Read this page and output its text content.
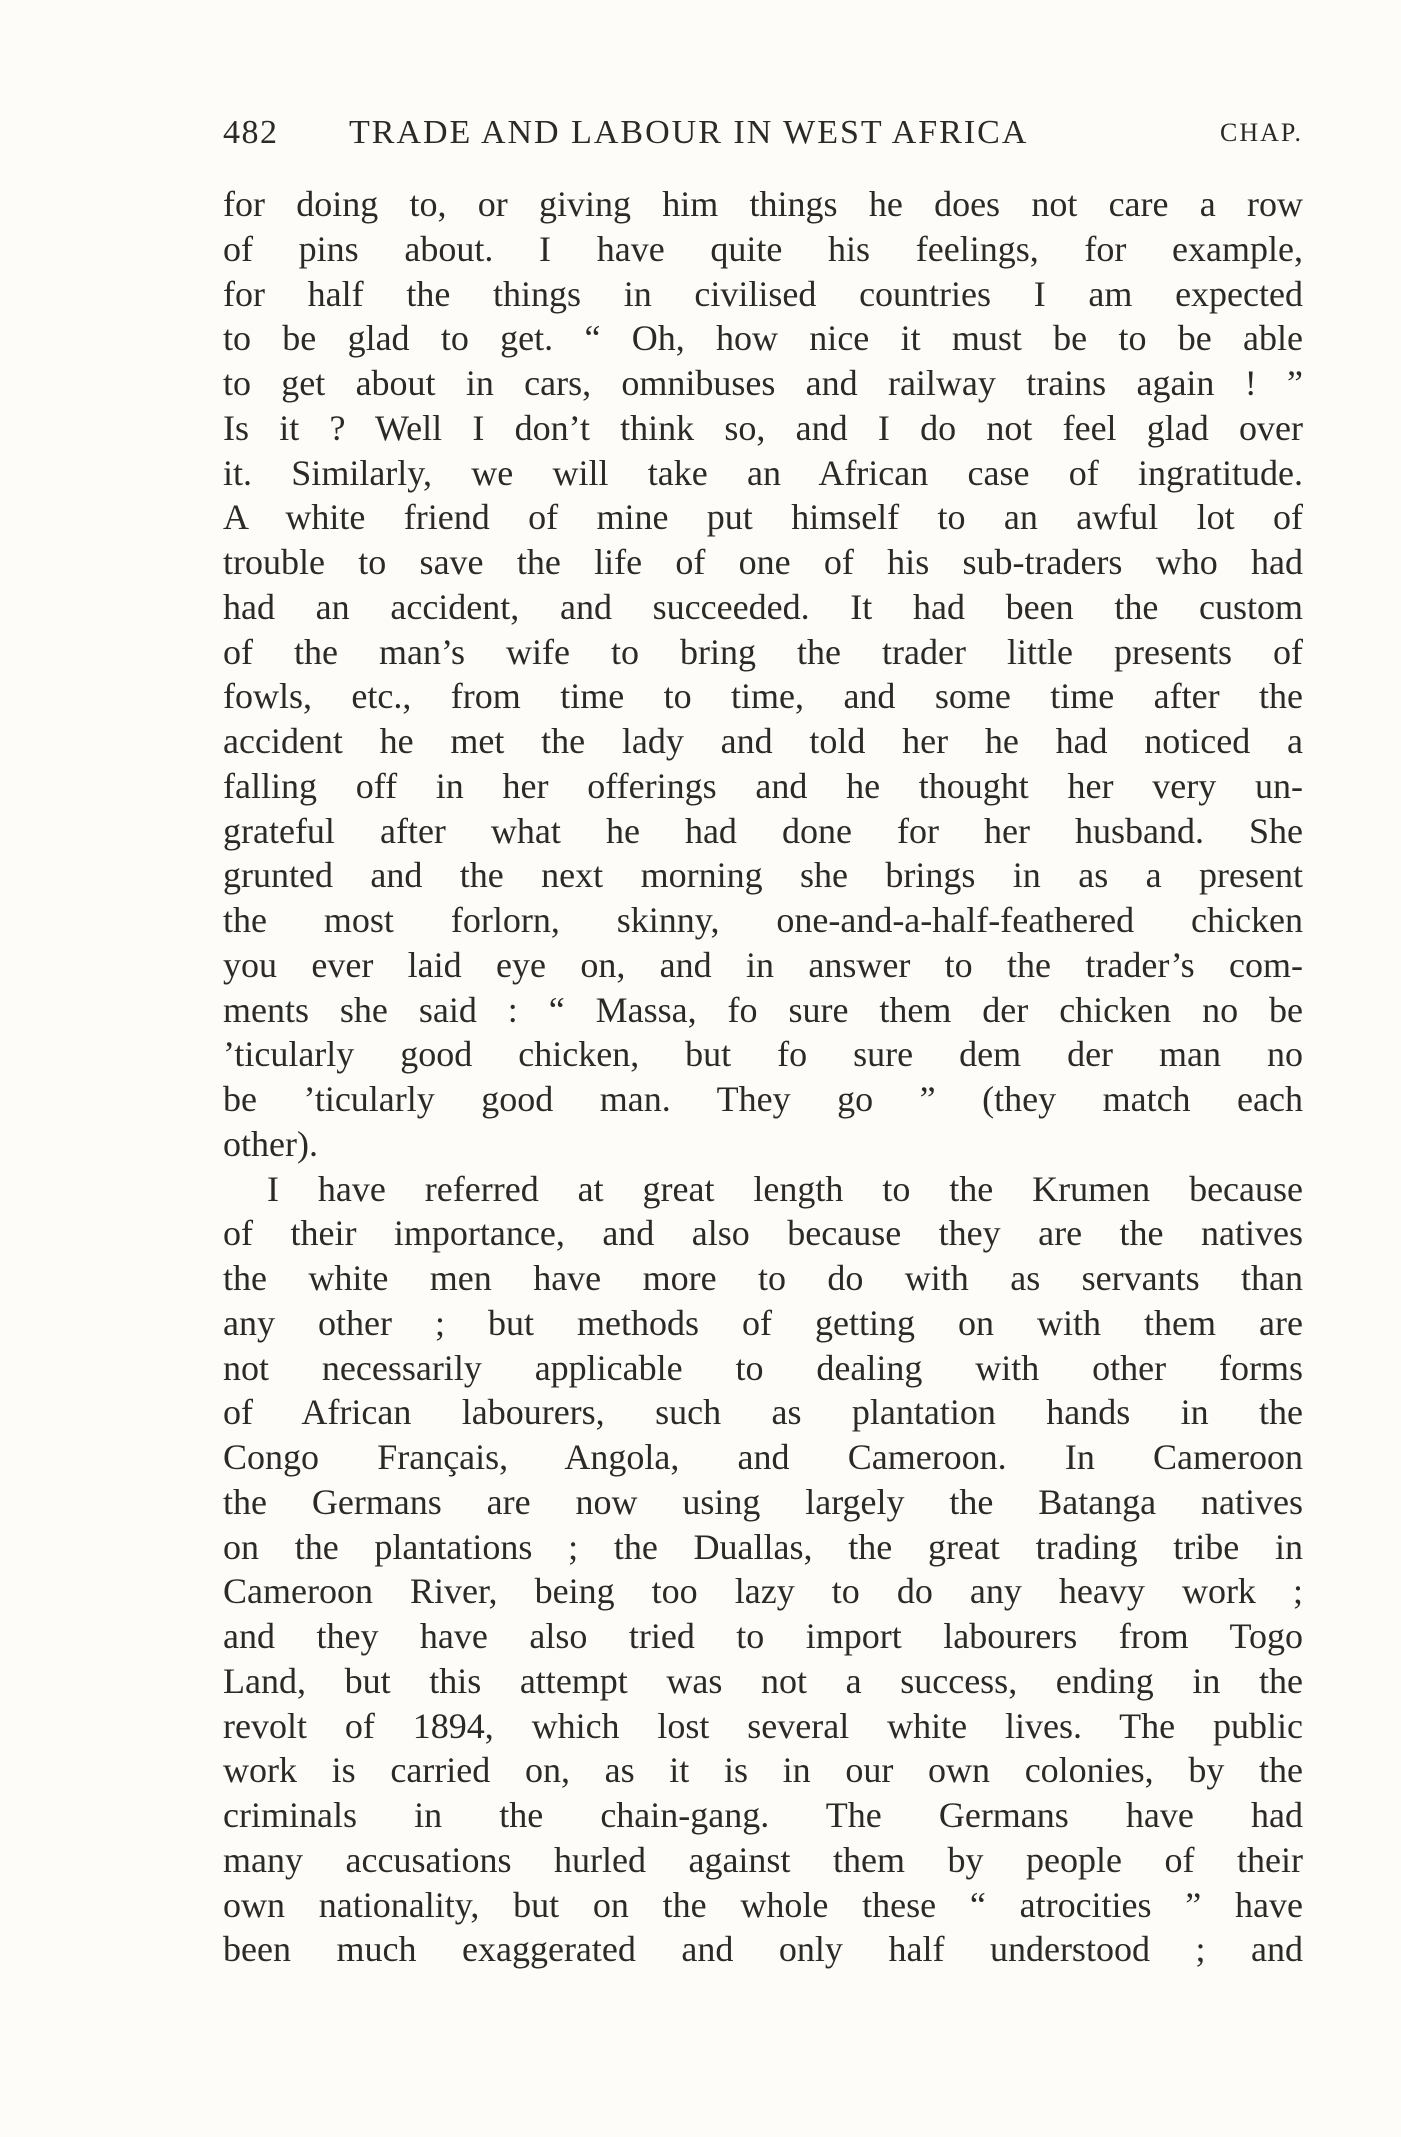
482 TRADE AND LABOUR IN WEST AFRICA	CHAP.
for doing to, or giving him things he does not care a row
of pins about. I have quite his feelings, for example,
for half the things in civilised countries I am expected
to be glad to get. “ Oh, how nice it must be to be able
to get about in cars, omnibuses and railway trains again ! ”
Is it ? Well I don’t think so, and I do not feel glad over
it. Similarly, we will take an African case of ingratitude.
A white friend of mine put himself to an awful lot of
trouble to save the life of one of his sub-traders who had
had an accident, and succeeded. It had been the custom
of the man’s wife to bring the trader little presents of
fowls, etc., from time to time, and some time after the
accident he met the lady and told her he had noticed a
falling off in her offerings and he thought her very un-
grateful after what he had done for her husband. She
grunted and the next morning she brings in as a present
the most forlorn, skinny, one-and-a-half-feathered chicken
you ever laid eye on, and in answer to the trader’s com-
ments she said : “ Massa, fo sure them der chicken no be
’ticularly good chicken, but fo sure dem der man no
be ’ticularly good man. They go ” (they match each
other).
I have referred at great length to the Krumen because
of their importance, and also because they are the natives
the white men have more to do with as servants than
any other ; but methods of getting on with them are
not necessarily applicable to dealing with other forms
of African labourers, such as plantation hands in the
Congo Français, Angola, and Cameroon. In Cameroon
the Germans are now using largely the Batanga natives
on the plantations ; the Duallas, the great trading tribe in
Cameroon River, being too lazy to do any heavy work ;
and they have also tried to import labourers from Togo
Land, but this attempt was not a success, ending in the
revolt of 1894, which lost several white lives. The public
work is carried on, as it is in our own colonies, by the
criminals in the chain-gang. The Germans have had
many accusations hurled against them by people of their
own nationality, but on the whole these “ atrocities ” have
been much exaggerated and only half understood ; and
